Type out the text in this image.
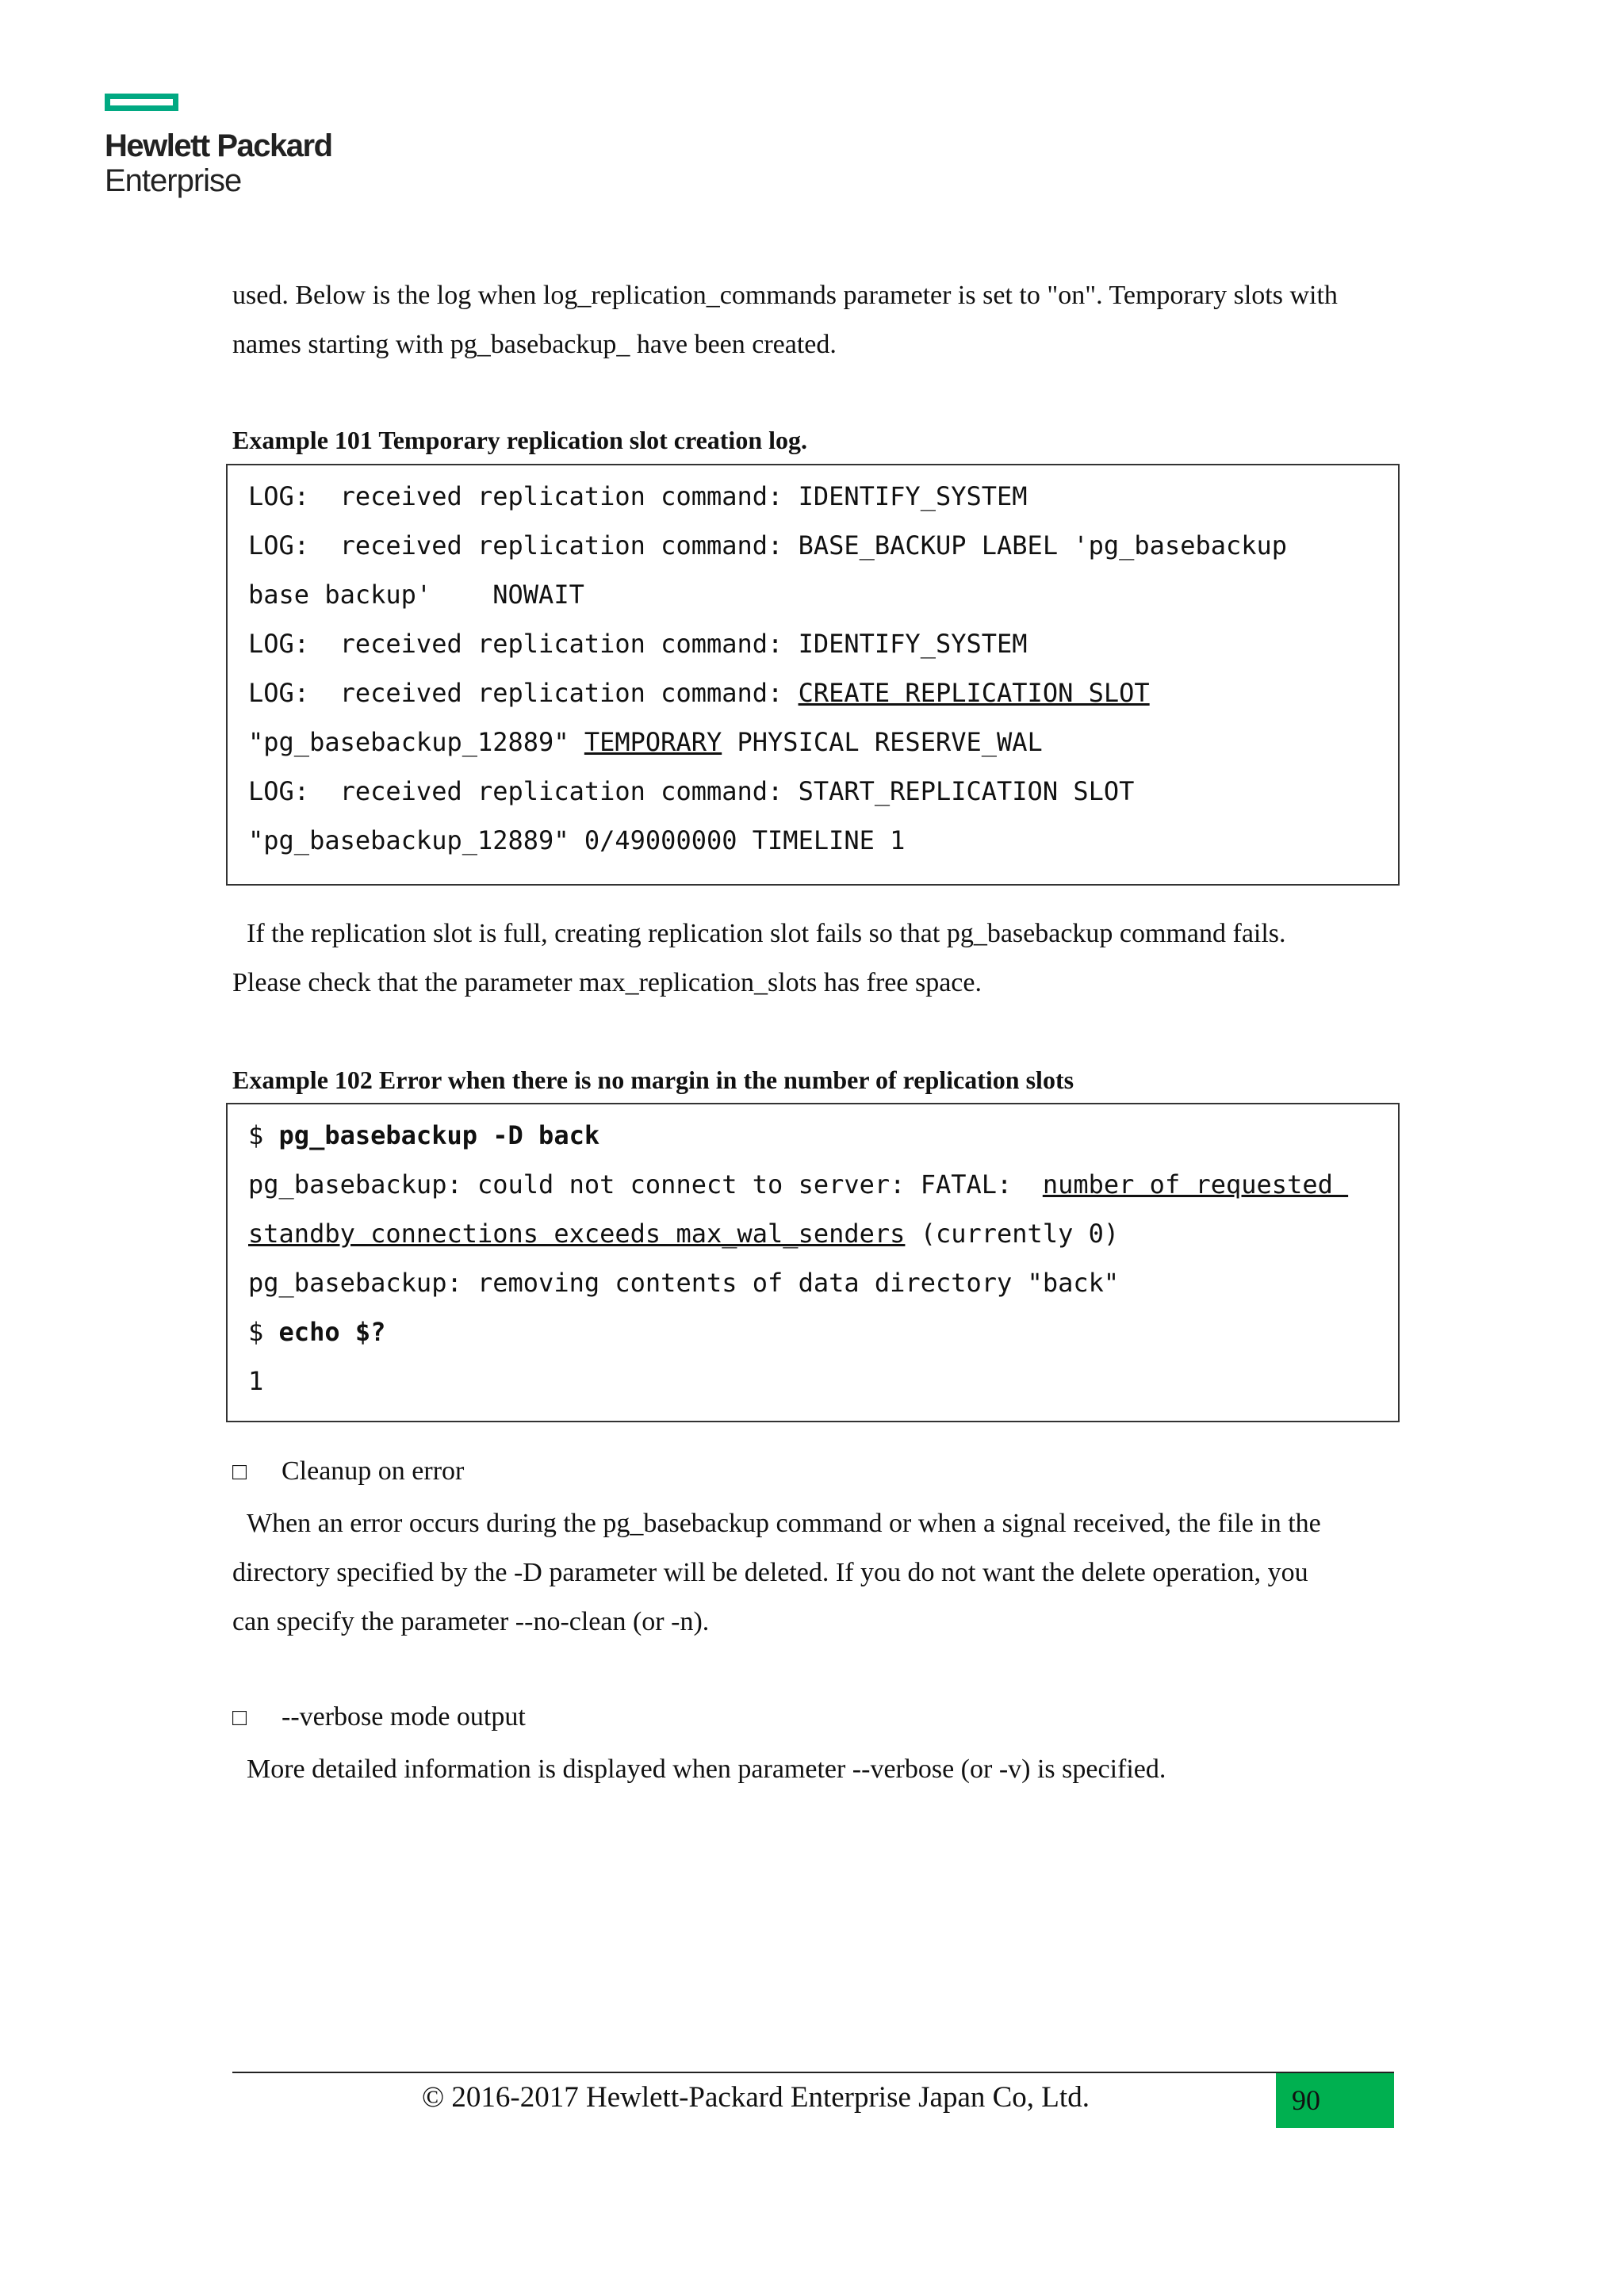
Hewlett Packard
Enterprise
used. Below is the log when log_replication_commands parameter is set to "on". Temporary slots with
names starting with pg_basebackup_ have been created.
Example 101 Temporary replication slot creation log.
LOG:  received replication command: IDENTIFY_SYSTEM
LOG:  received replication command: BASE_BACKUP LABEL 'pg_basebackup
base backup'    NOWAIT
LOG:  received replication command: IDENTIFY_SYSTEM
LOG:  received replication command: CREATE REPLICATION SLOT
"pg_basebackup_12889" TEMPORARY PHYSICAL RESERVE_WAL
LOG:  received replication command: START_REPLICATION SLOT
"pg_basebackup_12889" 0/49000000 TIMELINE 1
If the replication slot is full, creating replication slot fails so that pg_basebackup command fails.
Please check that the parameter max_replication_slots has free space.
Example 102 Error when there is no margin in the number of replication slots
$ pg_basebackup -D back
pg_basebackup: could not connect to server: FATAL:  number of requested
standby connections exceeds max_wal_senders (currently 0)
pg_basebackup: removing contents of data directory "back"
$ echo $?
1
□ Cleanup on error
When an error occurs during the pg_basebackup command or when a signal received, the file in the
directory specified by the -D parameter will be deleted. If you do not want the delete operation, you
can specify the parameter --no-clean (or -n).
□ --verbose mode output
More detailed information is displayed when parameter --verbose (or -v) is specified.
© 2016-2017 Hewlett-Packard Enterprise Japan Co, Ltd.	90
